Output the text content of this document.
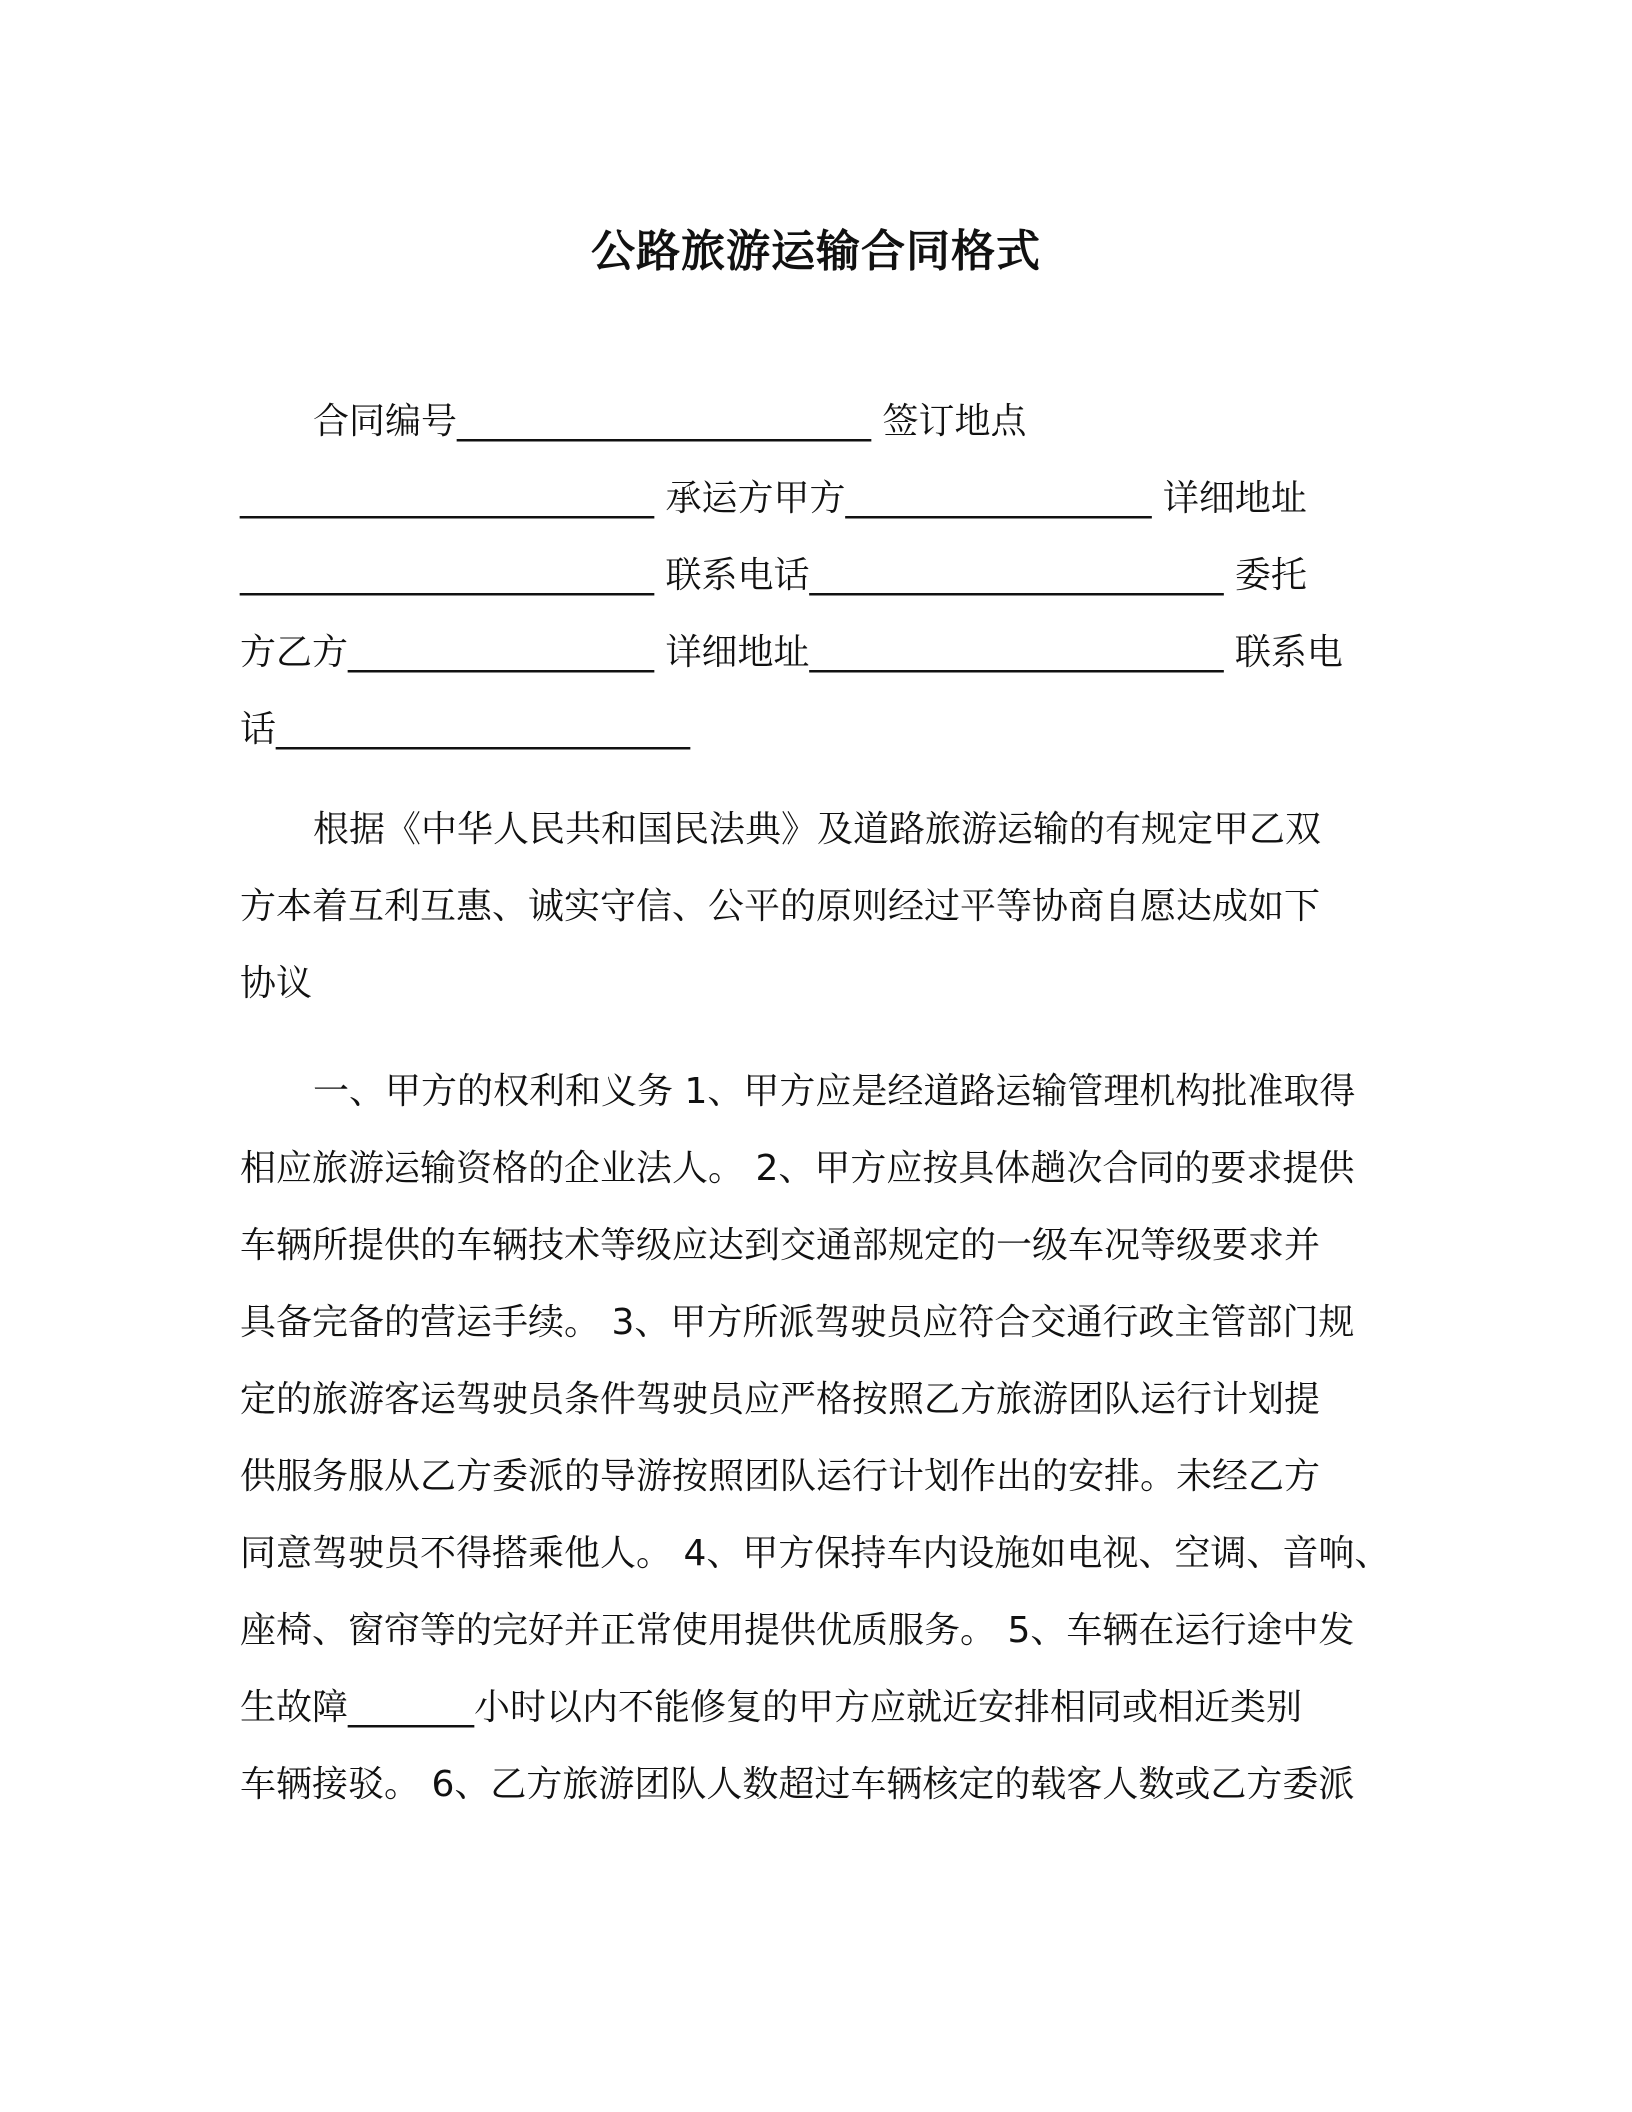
公路旅游运输合同格式
合同编号_______________________ 签订地点
_______________________ 承运方甲方_________________ 详细地址
_______________________ 联系电话_______________________ 委托
方乙方_________________ 详细地址_______________________ 联系电
话_______________________
根据《中华人民共和国民法典》及道路旅游运输的有规定甲乙双
方本着互利互惠、诚实守信、公平的原则经过平等协商自愿达成如下
协议
一、甲方的权利和义务 1、甲方应是经道路运输管理机构批准取得
相应旅游运输资格的企业法人。 2、甲方应按具体趟次合同的要求提供
车辆所提供的车辆技术等级应达到交通部规定的一级车况等级要求并
具备完备的营运手续。 3、甲方所派驾驶员应符合交通行政主管部门规
定的旅游客运驾驶员条件驾驶员应严格按照乙方旅游团队运行计划提
供服务服从乙方委派的导游按照团队运行计划作出的安排。未经乙方
同意驾驶员不得搭乘他人。 4、甲方保持车内设施如电视、空调、音响、
座椅、窗帘等的完好并正常使用提供优质服务。 5、车辆在运行途中发
生故障_______小时以内不能修复的甲方应就近安排相同或相近类别
车辆接驳。 6、乙方旅游团队人数超过车辆核定的载客人数或乙方委派
